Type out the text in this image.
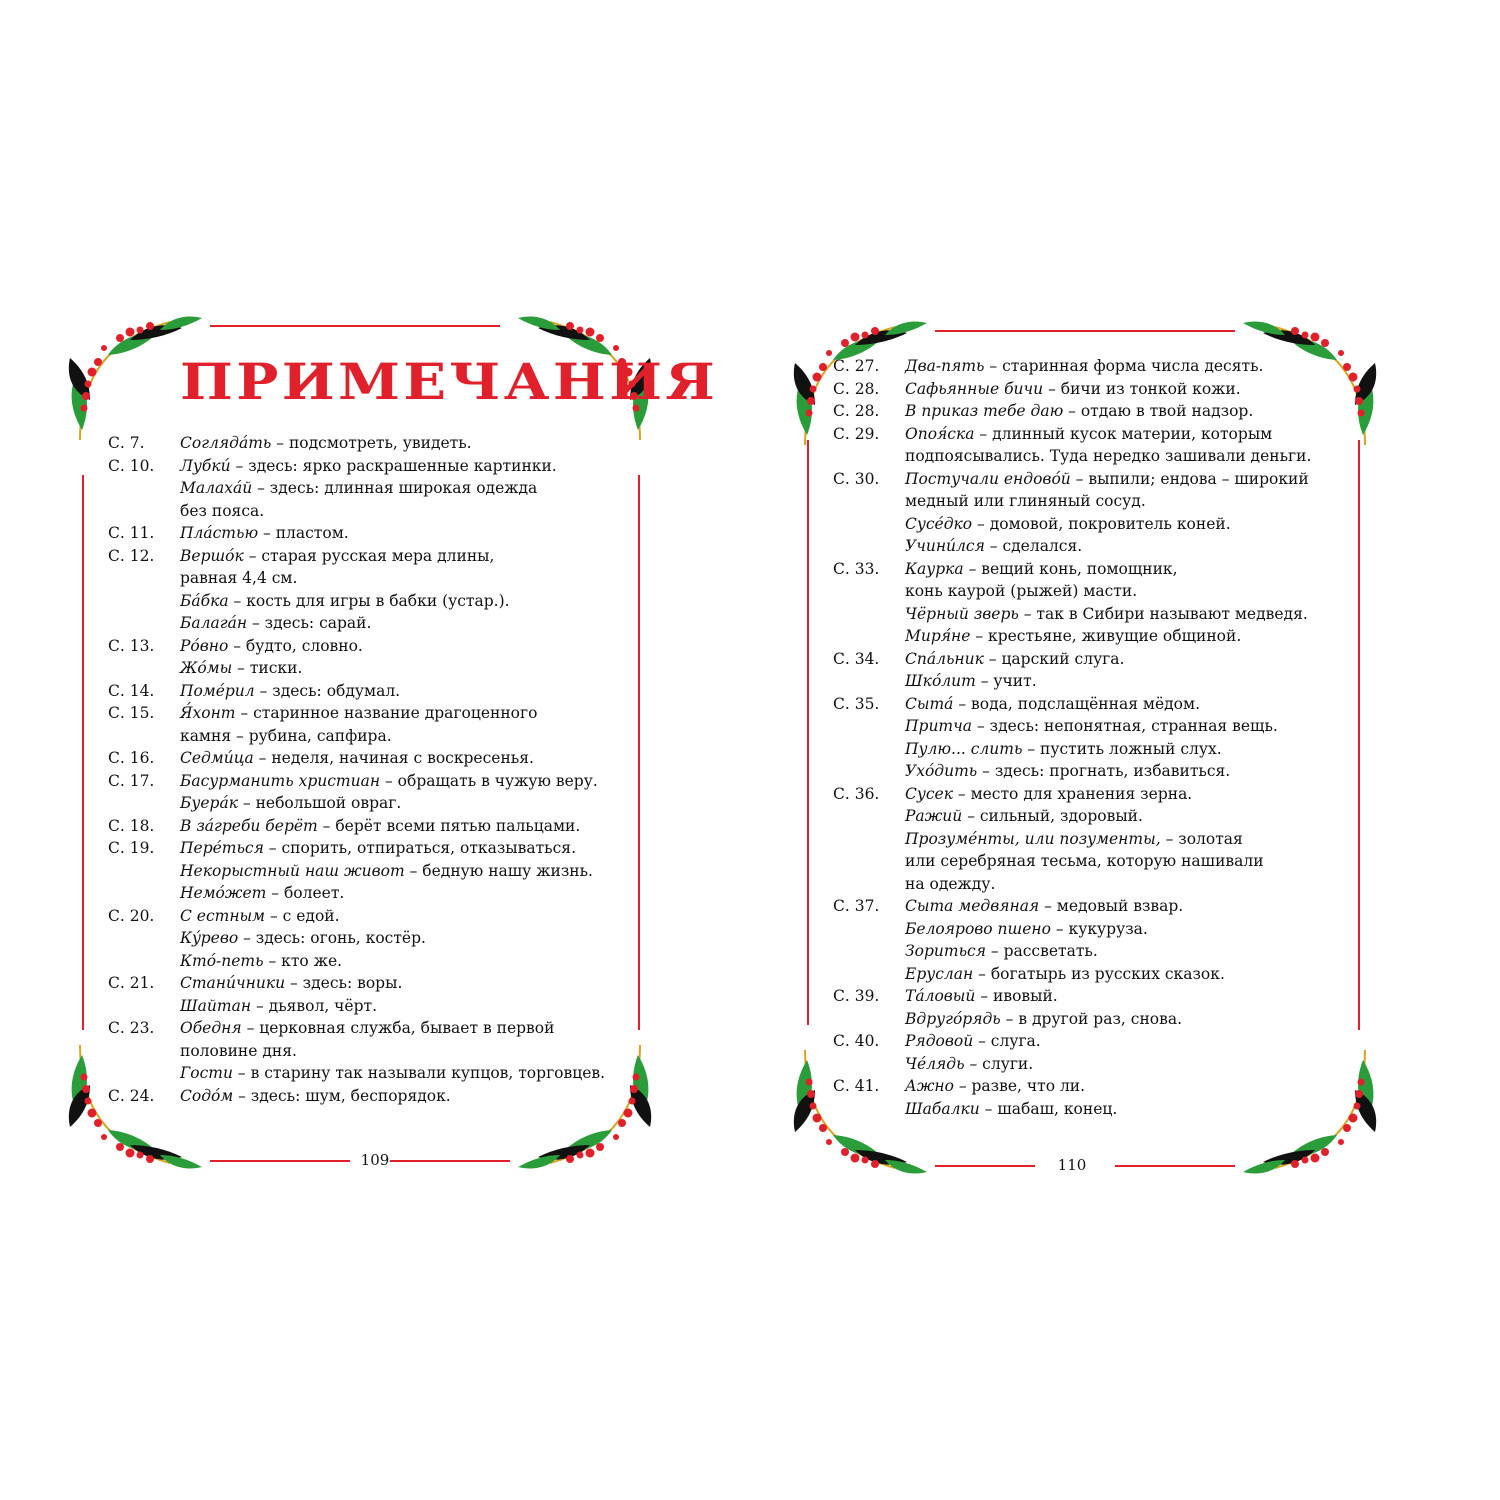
ПРИМЕЧАНИЯ
С. 7. Соглядáть – подсмотреть, увидеть.
С. 10. Лубкú – здесь: ярко раскрашенные картинки.
Малахáй – здесь: длинная широкая одежда
без пояса.
С. 11. Плáстью – пластом.
С. 12. Вершóк – старая русская мера длины,
равная 4,4 см.
Бáбка – кость для игры в бабки (устар.).
Балагáн – здесь: сарай.
С. 13. Рóвно – будто, словно.
Жóмы – тиски.
С. 14. Помéрил – здесь: обдумал.
С. 15. Я́хонт – старинное название драгоценного
камня – рубина, сапфира.
С. 16. Седмúца – неделя, начиная с воскресенья.
С. 17. Басурманить христиан – обращать в чужую веру.
Буерáк – небольшой овраг.
С. 18. В зáгреби берёт – берёт всеми пятью пальцами.
С. 19. Перéться – спорить, отпираться, отказываться.
Некорыстный наш живот – бедную нашу жизнь.
Немóжет – болеет.
С. 20. С естным – с едой.
Кýрево – здесь: огонь, костёр.
Ктó-петь – кто же.
С. 21. Станúчники – здесь: воры.
Шайтан – дьявол, чёрт.
С. 23. Обедня – церковная служба, бывает в первой
половине дня.
Гости – в старину так называли купцов, торговцев.
С. 24. Содóм – здесь: шум, беспорядок.
109
С. 27. Два-пять – старинная форма числа десять.
С. 28. Сафьянные бичи – бичи из тонкой кожи.
С. 28. В приказ тебе даю – отдаю в твой надзор.
С. 29. Опоя́ска – длинный кусок материи, которым
подпоясывались. Туда нередко зашивали деньги.
С. 30. Постучали ендовóй – выпили; ендова – широкий
медный или глиняный сосуд.
Сусéдко – домовой, покровитель коней.
Учинúлся – сделался.
С. 33. Каурка – вещий конь, помощник,
конь каурой (рыжей) масти.
Чёрный зверь – так в Сибири называют медведя.
Миря́не – крестьяне, живущие общиной.
С. 34. Спáльник – царский слуга.
Шкóлит – учит.
С. 35. Сытá – вода, подслащённая мёдом.
Притча – здесь: непонятная, странная вещь.
Пулю... слить – пустить ложный слух.
Ухóдить – здесь: прогнать, избавиться.
С. 36. Сусек – место для хранения зерна.
Ражий – сильный, здоровый.
Прозумéнты, или позументы, – золотая
или серебряная тесьма, которую нашивали
на одежду.
С. 37. Сыта медвяная – медовый взвар.
Белоярово пшено – кукуруза.
Зориться – рассветать.
Еруслан – богатырь из русских сказок.
С. 39. Тáловый – ивовый.
Вдругóрядь – в другой раз, снова.
С. 40. Рядовой – слуга.
Чéлядь – слуги.
С. 41. Ажно – разве, что ли.
Шабалки – шабаш, конец.
110
